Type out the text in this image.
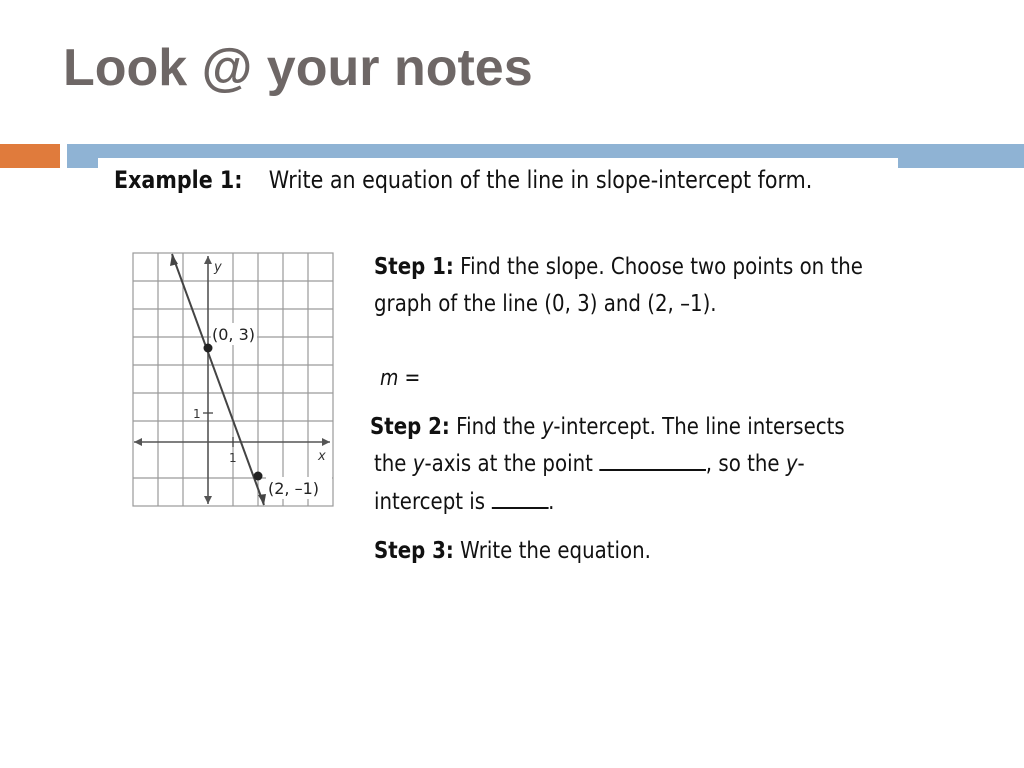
Look @ your notes
Example 1: Write an equation of the line in slope-intercept form.
(0, 3)
(2, –1)
y
x
1
1
Step 1: Find the slope. Choose two points on the
graph of the line (0, 3) and (2, –1).
m =
Step 2: Find the y-intercept. The line intersects
the y-axis at the point	, so the y-
intercept is .
Step 3: Write the equation.
